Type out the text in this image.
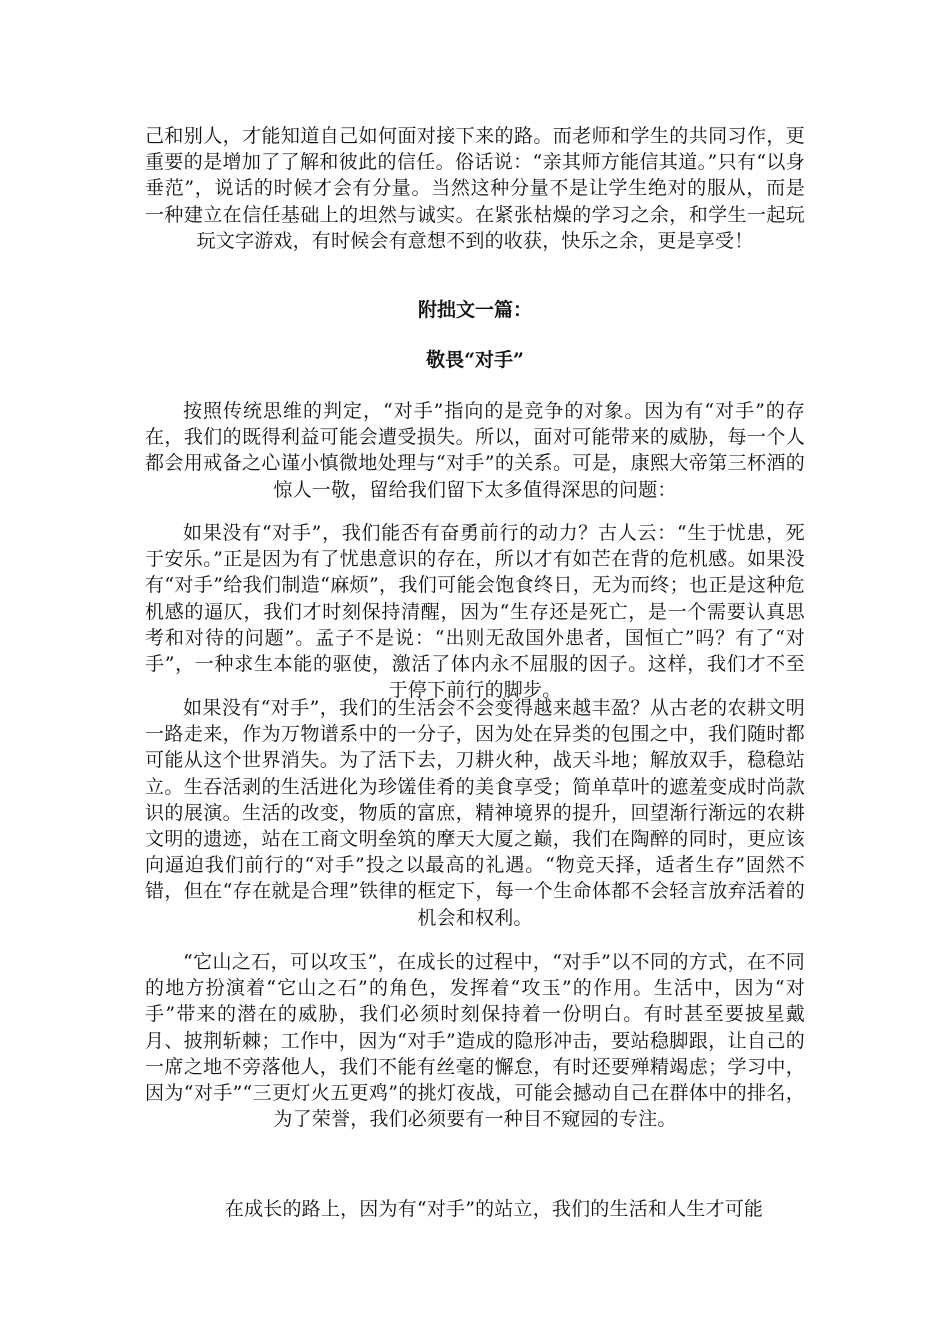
己和别人，才能知道自己如何面对接下来的路。而老师和学生的共同习作，更重要的是增加了了解和彼此的信任。俗话说：“亲其师方能信其道。”只有“以身垂范”，说话的时候才会有分量。当然这种分量不是让学生绝对的服从，而是一种建立在信任基础上的坦然与诚实。在紧张枯燥的学习之余，和学生一起玩玩文字游戏，有时候会有意想不到的收获，快乐之余，更是享受！

附拙文一篇：
敬畏“对手”

按照传统思维的判定，“对手”指向的是竞争的对象。因为有“对手”的存在，我们的既得利益可能会遭受损失。所以，面对可能带来的威胁，每一个人都会用戒备之心谨小慎微地处理与“对手”的关系。可是，康熙大帝第三杯酒的惊人一敬，留给我们留下太多值得深思的问题：

如果没有“对手”，我们能否有奋勇前行的动力？古人云：“生于忧患，死于安乐。”正是因为有了忧患意识的存在，所以才有如芒在背的危机感。如果没有“对手”给我们制造“麻烦”，我们可能会饱食终日，无为而终；也正是这种危机感的逼仄，我们才时刻保持清醒，因为“生存还是死亡，是一个需要认真思考和对待的问题”。孟子不是说：“出则无敌国外患者，国恒亡”吗？有了“对手”，一种求生本能的驱使，激活了体内永不屈服的因子。这样，我们才不至于停下前行的脚步。

如果没有“对手”，我们的生活会不会变得越来越丰盈？从古老的农耕文明一路走来，作为万物谱系中的一分子，因为处在异类的包围之中，我们随时都可能从这个世界消失。为了活下去，刀耕火种，战天斗地；解放双手，稳稳站立。生吞活剥的生活进化为珍馐佳肴的美食享受；简单草叶的遮羞变成时尚款识的展演。生活的改变，物质的富庶，精神境界的提升，回望渐行渐远的农耕文明的遗迹，站在工商文明垒筑的摩天大厦之巅，我们在陶醉的同时，更应该向逼迫我们前行的“对手”投之以最高的礼遇。“物竞天择，适者生存”固然不错，但在“存在就是合理”铁律的框定下，每一个生命体都不会轻言放弃活着的机会和权利。

“它山之石，可以攻玉”，在成长的过程中，“对手”以不同的方式，在不同的地方扮演着“它山之石”的角色，发挥着“攻玉”的作用。生活中，因为“对手”带来的潜在的威胁，我们必须时刻保持着一份明白。有时甚至要披星戴月、披荆斩棘；工作中，因为“对手”造成的隐形冲击，要站稳脚跟，让自己的一席之地不旁落他人，我们不能有丝毫的懈怠，有时还要殚精竭虑；学习中，因为“对手”“三更灯火五更鸡”的挑灯夜战，可能会撼动自己在群体中的排名，为了荣誉，我们必须要有一种目不窥园的专注。

在成长的路上，因为有“对手”的站立，我们的生活和人生才可能
